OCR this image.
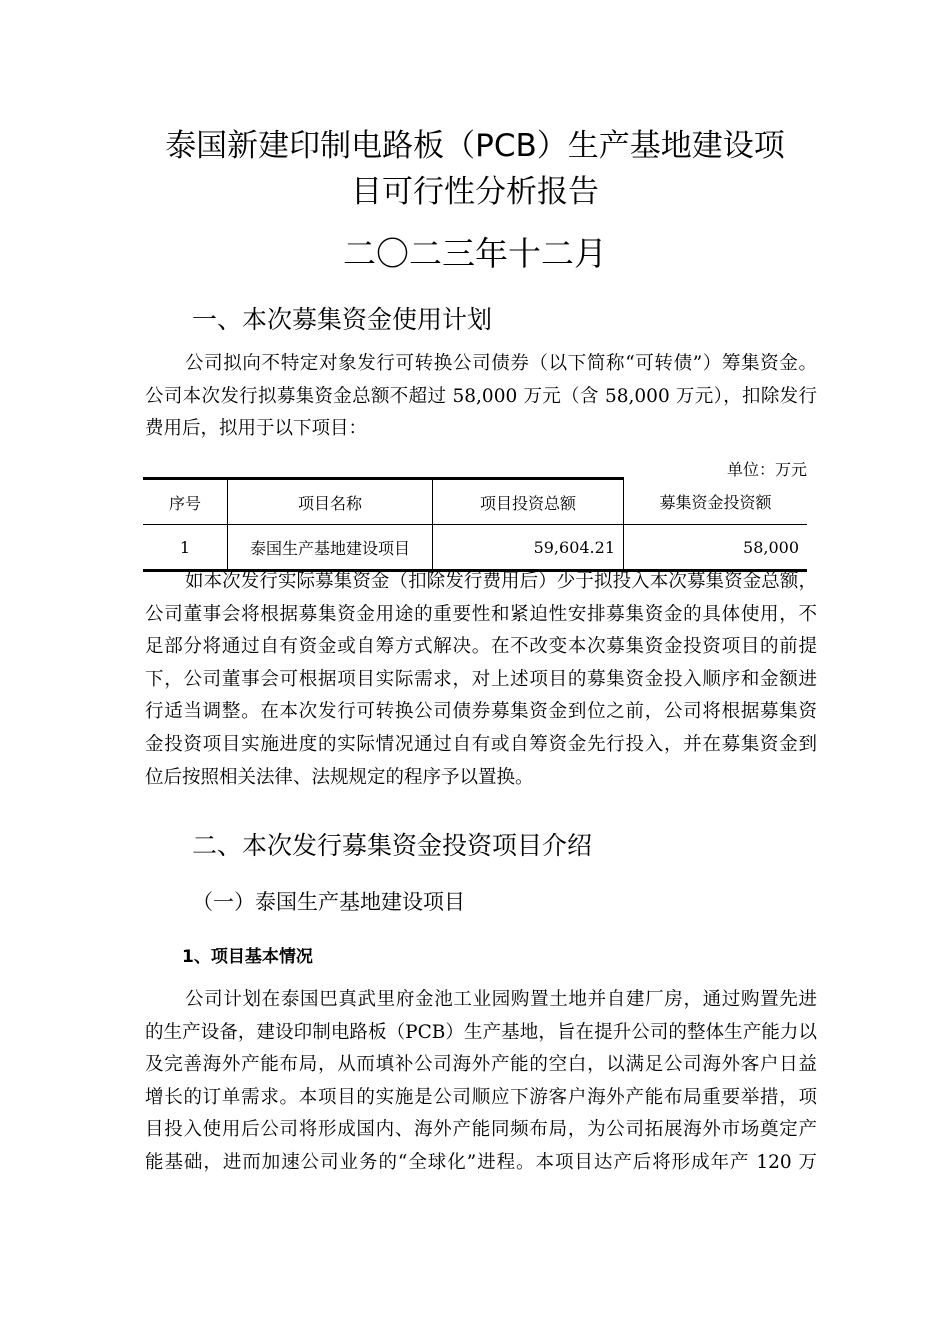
泰国新建印制电路板（PCB）生产基地建设项
目可行性分析报告
二〇二三年十二月
一、本次募集资金使用计划
公司拟向不特定对象发行可转换公司债券（以下简称“可转债”）筹集资金。
公司本次发行拟募集资金总额不超过 58,000 万元（含 58,000 万元），扣除发行
费用后，拟用于以下项目：
单位：万元
序号	项目名称	项目投资总额	募集资金投资额
1	泰国生产基地建设项目	59,604.21	58,000
如本次发行实际募集资金（扣除发行费用后）少于拟投入本次募集资金总额，
公司董事会将根据募集资金用途的重要性和紧迫性安排募集资金的具体使用，不
足部分将通过自有资金或自筹方式解决。在不改变本次募集资金投资项目的前提
下，公司董事会可根据项目实际需求，对上述项目的募集资金投入顺序和金额进
行适当调整。在本次发行可转换公司债券募集资金到位之前，公司将根据募集资
金投资项目实施进度的实际情况通过自有或自筹资金先行投入，并在募集资金到
位后按照相关法律、法规规定的程序予以置换。
二、本次发行募集资金投资项目介绍
（一）泰国生产基地建设项目
1、项目基本情况
公司计划在泰国巴真武里府金池工业园购置土地并自建厂房，通过购置先进
的生产设备，建设印制电路板（PCB）生产基地，旨在提升公司的整体生产能力以
及完善海外产能布局，从而填补公司海外产能的空白，以满足公司海外客户日益
增长的订单需求。本项目的实施是公司顺应下游客户海外产能布局重要举措，项
目投入使用后公司将形成国内、海外产能同频布局，为公司拓展海外市场奠定产
能基础，进而加速公司业务的“全球化”进程。本项目达产后将形成年产 120 万
